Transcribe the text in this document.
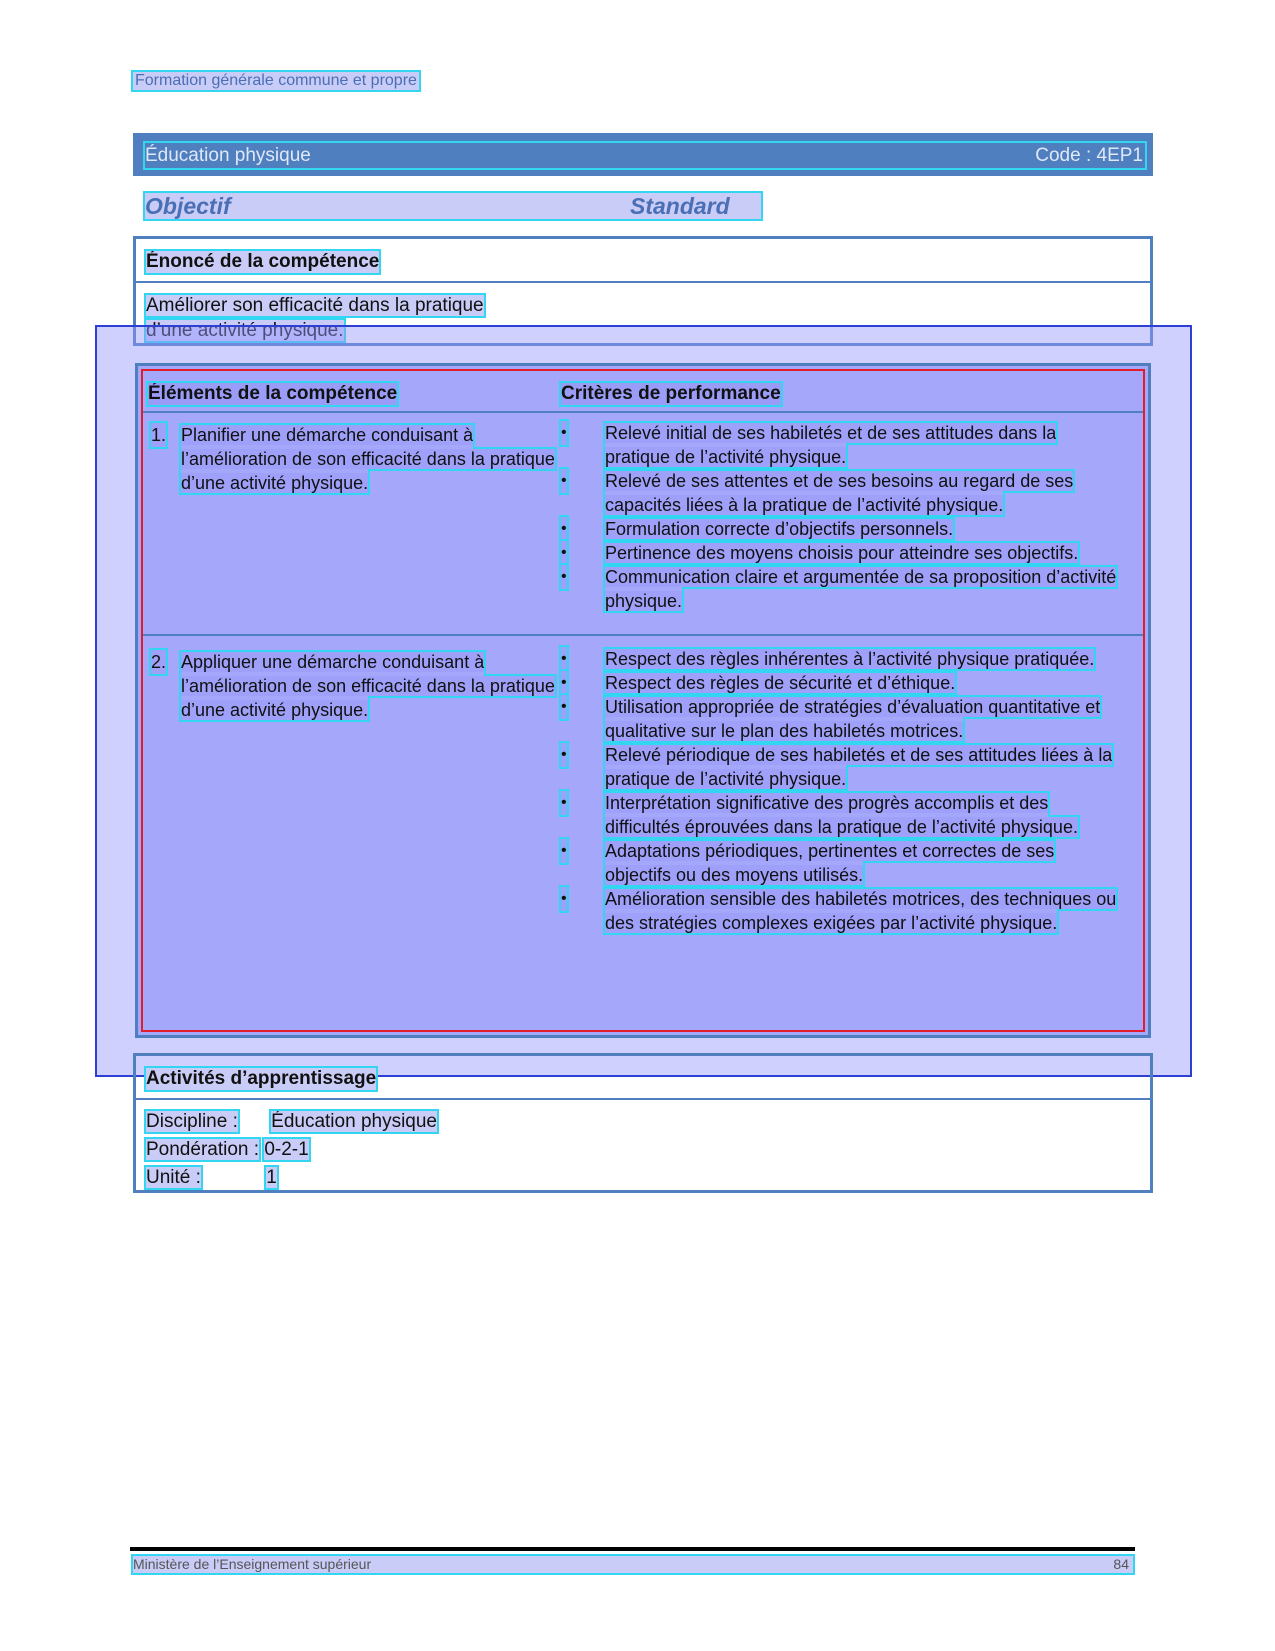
Formation générale commune et propre
Éducation physique	Code : 4EP1
Objectif	Standard
Énoncé de la compétence
Améliorer son efficacité dans la pratique
d’une activité physique.
Éléments de la compétence	Critères de performance
1. Planifier une démarche conduisant à l’amélioration de son efficacité dans la pratique d’une activité physique.
• Relevé initial de ses habiletés et de ses attitudes dans la pratique de l’activité physique.
• Relevé de ses attentes et de ses besoins au regard de ses capacités liées à la pratique de l’activité physique.
• Formulation correcte d’objectifs personnels.
• Pertinence des moyens choisis pour atteindre ses objectifs.
• Communication claire et argumentée de sa proposition d’activité physique.
2. Appliquer une démarche conduisant à l’amélioration de son efficacité dans la pratique d’une activité physique.
• Respect des règles inhérentes à l’activité physique pratiquée.
• Respect des règles de sécurité et d’éthique.
• Utilisation appropriée de stratégies d’évaluation quantitative et qualitative sur le plan des habiletés motrices.
• Relevé périodique de ses habiletés et de ses attitudes liées à la pratique de l’activité physique.
• Interprétation significative des progrès accomplis et des difficultés éprouvées dans la pratique de l’activité physique.
• Adaptations périodiques, pertinentes et correctes de ses objectifs ou des moyens utilisés.
• Amélioration sensible des habiletés motrices, des techniques ou des stratégies complexes exigées par l’activité physique.
Activités d’apprentissage
Discipline : Éducation physique
Pondération : 0-2-1
Unité :	1
Ministère de l’Enseignement supérieur	84
